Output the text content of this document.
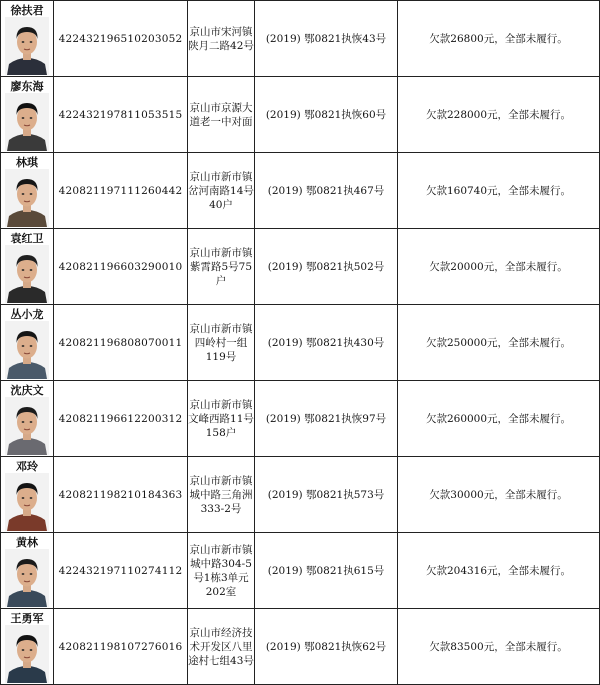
徐扶君	422432196510203052	京山市宋河镇陕月二路42号	(2019) 鄂0821执恢43号	欠款26800元，全部未履行。

廖东海	422432197811053515	京山市京源大道老一中对面	(2019) 鄂0821执恢60号	欠款228000元，全部未履行。

林琪	420821197111260442	京山市新市镇岔河南路14号40户	(2019) 鄂0821执467号	欠款160740元，全部未履行。

袁红卫	420821196603290010	京山市新市镇紫霄路5号75户	(2019) 鄂0821执502号	欠款20000元，全部未履行。

丛小龙	420821196808070011	京山市新市镇四岭村一组119号	(2019) 鄂0821执430号	欠款250000元，全部未履行。

沈庆文	420821196612200312	京山市新市镇文峰西路11号158户	(2019) 鄂0821执恢97号	欠款260000元，全部未履行。

邓玲	420821198210184363	京山市新市镇城中路三角洲333-2号	(2019) 鄂0821执573号	欠款30000元，全部未履行。

黄林	422432197110274112	京山市新市镇城中路304-5号1栋3单元202室	(2019) 鄂0821执615号	欠款204316元，全部未履行。

王勇军	420821198107276016	京山市经济技术开发区八里途村七组43号	(2019) 鄂0821执恢62号	欠款83500元，全部未履行。
